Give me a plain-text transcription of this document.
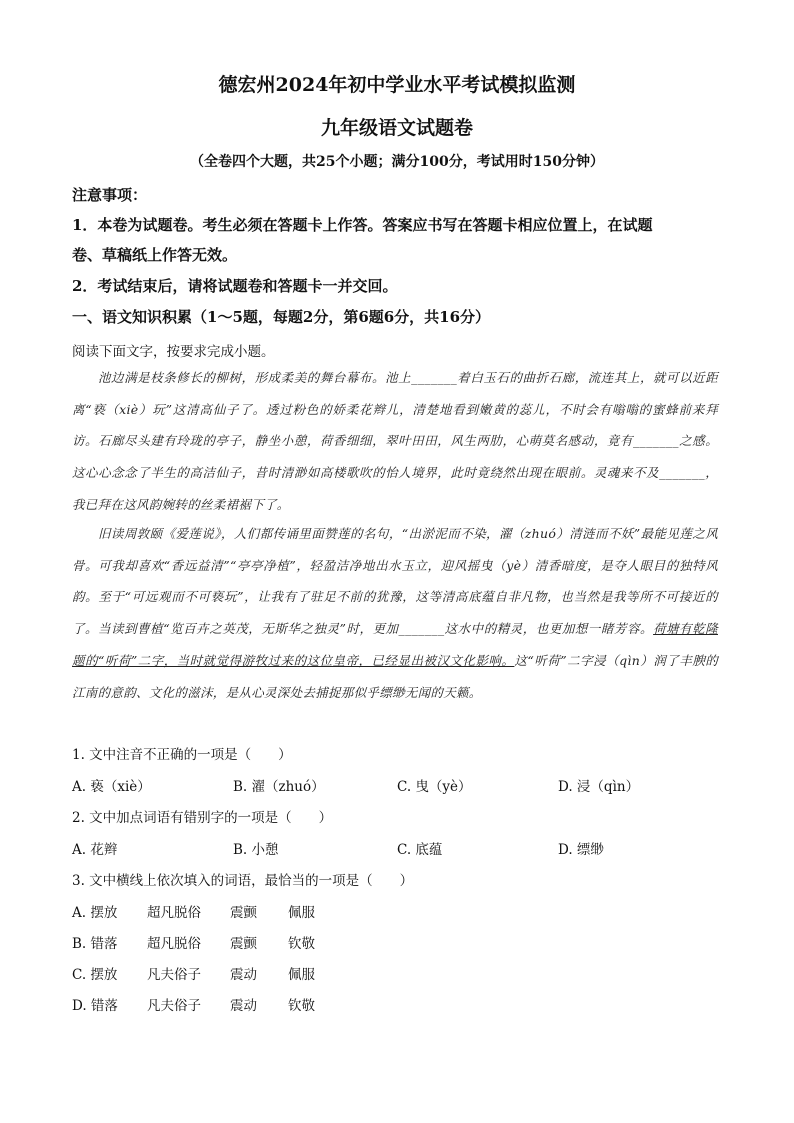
德宏州2024年初中学业水平考试模拟监测
九年级语文试题卷
（全卷四个大题，共25个小题；满分100分，考试用时150分钟）
注意事项：
1．本卷为试题卷。考生必须在答题卡上作答。答案应书写在答题卡相应位置上，在试题
卷、草稿纸上作答无效。
2．考试结束后，请将试题卷和答题卡一并交回。
一、语文知识积累（1～5题，每题2分，第6题6分，共16分）
阅读下面文字，按要求完成小题。
池边满是枝条修长的柳树，形成柔美的舞台幕布。池上_______着白玉石的曲折石廊，流连其上，就可以近距离“亵（xiè）玩”这清高仙子了。透过粉色的娇柔花辫儿，清楚地看到嫩黄的蕊儿，不时会有嗡嗡的蜜蜂前来拜访。石廊尽头建有玲珑的亭子，静坐小憩，荷香细细，翠叶田田，风生两肋，心萌莫名感动，竟有_______之感。这心心念念了半生的高洁仙子，昔时清渺如高楼歌吹的怡人境界，此时竟绕然出现在眼前。灵魂来不及_______，我已拜在这风韵婉转的丝柔裙裾下了。
旧读周敦颐《爱莲说》，人们都传诵里面赞莲的名句，“出淤泥而不染，濯（zhuó）清涟而不妖”最能见莲之风骨。可我却喜欢“香远益清”“亭亭净植”，轻盈洁净地出水玉立，迎风摇曳（yè）清香暗度，是夺人眼目的独特风韵。至于“可远观而不可亵玩”，让我有了驻足不前的犹豫，这等清高底蕴自非凡物，也当然是我等所不可接近的了。当读到曹植“览百卉之英茂，无斯华之独灵”时，更加_______这水中的精灵，也更加想一睹芳容。荷塘有乾隆题的“听荷”二字，当时就觉得游牧过来的这位皇帝，已经显出被汉文化影响。这“听荷”二字浸（qìn）润了丰腴的江南的意韵、文化的滋沫，是从心灵深处去捕捉那似乎缥缈无闻的天籁。
1. 文中注音不正确的一项是（　　）
A. 亵（xiè）	B. 濯（zhuó）	C. 曳（yè）	D. 浸（qìn）
2. 文中加点词语有错别字的一项是（　　）
A. 花辫	B. 小憩	C. 底蕴	D. 缥缈
3. 文中横线上依次填入的词语，最恰当的一项是（　　）
A. 摆放 超凡脱俗 震颤 佩服
B. 错落 超凡脱俗 震颤 钦敬
C. 摆放 凡夫俗子 震动 佩服
D. 错落 凡夫俗子 震动 钦敬
